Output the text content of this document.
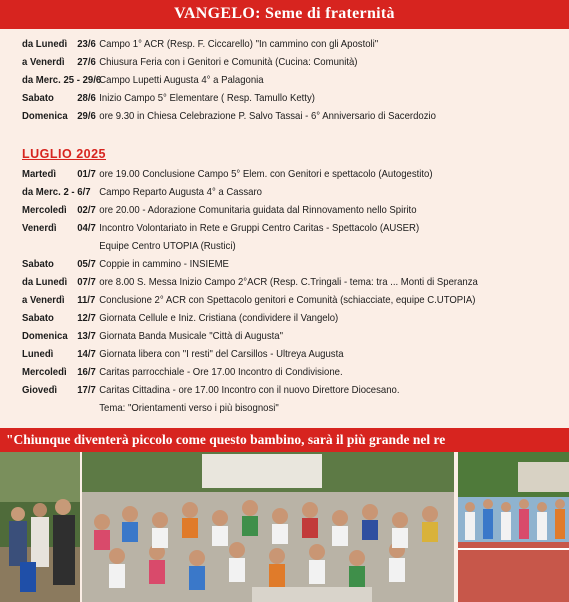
VANGELO: Seme di fraternità
da Lunedì 23/6 Campo 1° ACR (Resp. F. Ciccarello) "In cammino con gli Apostoli"
a Venerdì 27/6 Chiusura Feria con i Genitori e Comunità (Cucina: Comunità)
da Merc. 25 - 29/6Campo Lupetti Augusta 4° a Palagonia
Sabato 28/6 Inizio Campo 5° Elementare ( Resp. Tamullo Ketty)
Domenica 29/6 ore 9.30 in Chiesa Celebrazione P. Salvo Tassai - 6° Anniversario di Sacerdozio
LUGLIO 2025
Martedì 01/7 ore 19.00 Conclusione Campo 5° Elem. con Genitori e spettacolo (Autogestito)
da Merc. 2 - 6/7 Campo Reparto Augusta 4° a Cassaro
Mercoledì 02/7 ore 20.00 - Adorazione Comunitaria guidata dal Rinnovamento nello Spirito
Venerdì 04/7 Incontro Volontariato in Rete e Gruppi Centro Caritas - Spettacolo (AUSER)
Equipe Centro UTOPIA (Rustici)
Sabato 05/7 Coppie in cammino - INSIEME
da Lunedì 07/7 ore 8.00 S. Messa Inizio Campo 2°ACR (Resp. C.Tringali - tema: tra ... Monti di Speranza
a Venerdì 11/7 Conclusione 2° ACR con Spettacolo genitori e Comunità (schiacciate, equipe C.UTOPIA)
Sabato 12/7 Giornata Cellule e Iniz. Cristiana (condividere il Vangelo)
Domenica 13/7 Giornata Banda Musicale "Città di Augusta"
Lunedì 14/7 Giornata libera con "I resti" del Carsillos - Ultreya Augusta
Mercoledì 16/7 Caritas parrocchiale - Ore 17.00 Incontro di Condivisione.
Giovedì 17/7 Caritas Cittadina - ore 17.00 Incontro con il nuovo Direttore Diocesano.
Tema: "Orientamenti verso i più bisognosi"
"Chiunque diventerà piccolo come questo bambino, sarà il più grande nel re
